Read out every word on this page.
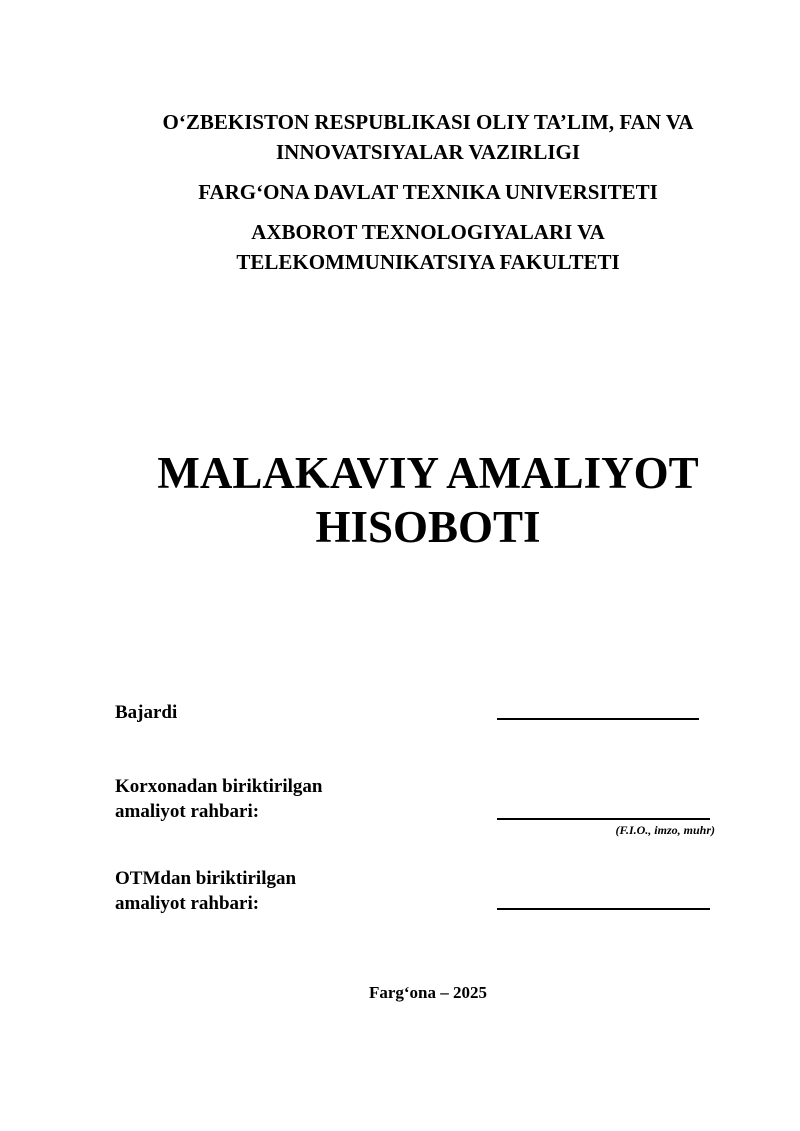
O‘ZBEKISTON RESPUBLIKASI OLIY TA’LIM, FAN VA
INNOVATSIYALAR VAZIRLIGI
FARG‘ONA DAVLAT TEXNIKA UNIVERSITETI
AXBOROT TEXNOLOGIYALARI VA
TELEKOMMUNIKATSIYA FAKULTETI
MALAKAVIY AMALIYOT
HISOBOTI
Bajardi
Korxonadan biriktirilgan
amaliyot rahbari:
(F.I.O., imzo, muhr)
OTMdan biriktirilgan
amaliyot rahbari:
Farg‘ona – 2025
